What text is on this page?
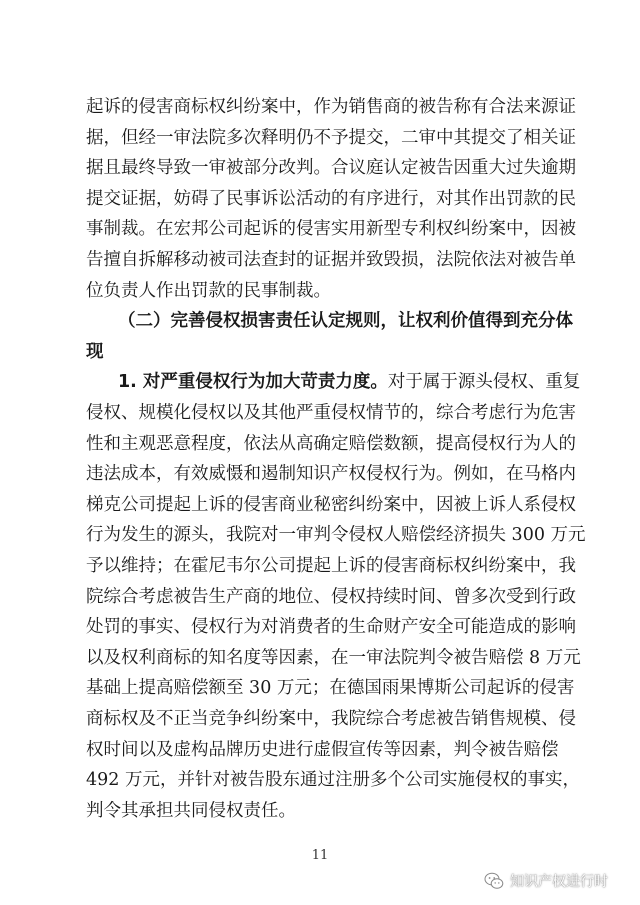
11
知识产权进行时
起诉的侵害商标权纠纷案中，作为销售商的被告称有合法来源证
据，但经一审法院多次释明仍不予提交，二审中其提交了相关证
据且最终导致一审被部分改判。合议庭认定被告因重大过失逾期
提交证据，妨碍了民事诉讼活动的有序进行，对其作出罚款的民
事制裁。在宏邦公司起诉的侵害实用新型专利权纠纷案中，因被
告擅自拆解移动被司法查封的证据并致毁损，法院依法对被告单
位负责人作出罚款的民事制裁。
（二）完善侵权损害责任认定规则，让权利价值得到充分体
现
1. 对严重侵权行为加大苛责力度。对于属于源头侵权、重复
侵权、规模化侵权以及其他严重侵权情节的，综合考虑行为危害
性和主观恶意程度，依法从高确定赔偿数额，提高侵权行为人的
违法成本，有效威慑和遏制知识产权侵权行为。例如，在马格内
梯克公司提起上诉的侵害商业秘密纠纷案中，因被上诉人系侵权
行为发生的源头，我院对一审判令侵权人赔偿经济损失 300 万元
予以维持；在霍尼韦尔公司提起上诉的侵害商标权纠纷案中，我
院综合考虑被告生产商的地位、侵权持续时间、曾多次受到行政
处罚的事实、侵权行为对消费者的生命财产安全可能造成的影响
以及权利商标的知名度等因素，在一审法院判令被告赔偿 8 万元
基础上提高赔偿额至 30 万元；在德国雨果博斯公司起诉的侵害
商标权及不正当竞争纠纷案中，我院综合考虑被告销售规模、侵
权时间以及虚构品牌历史进行虚假宣传等因素，判令被告赔偿
492 万元，并针对被告股东通过注册多个公司实施侵权的事实，
判令其承担共同侵权责任。
